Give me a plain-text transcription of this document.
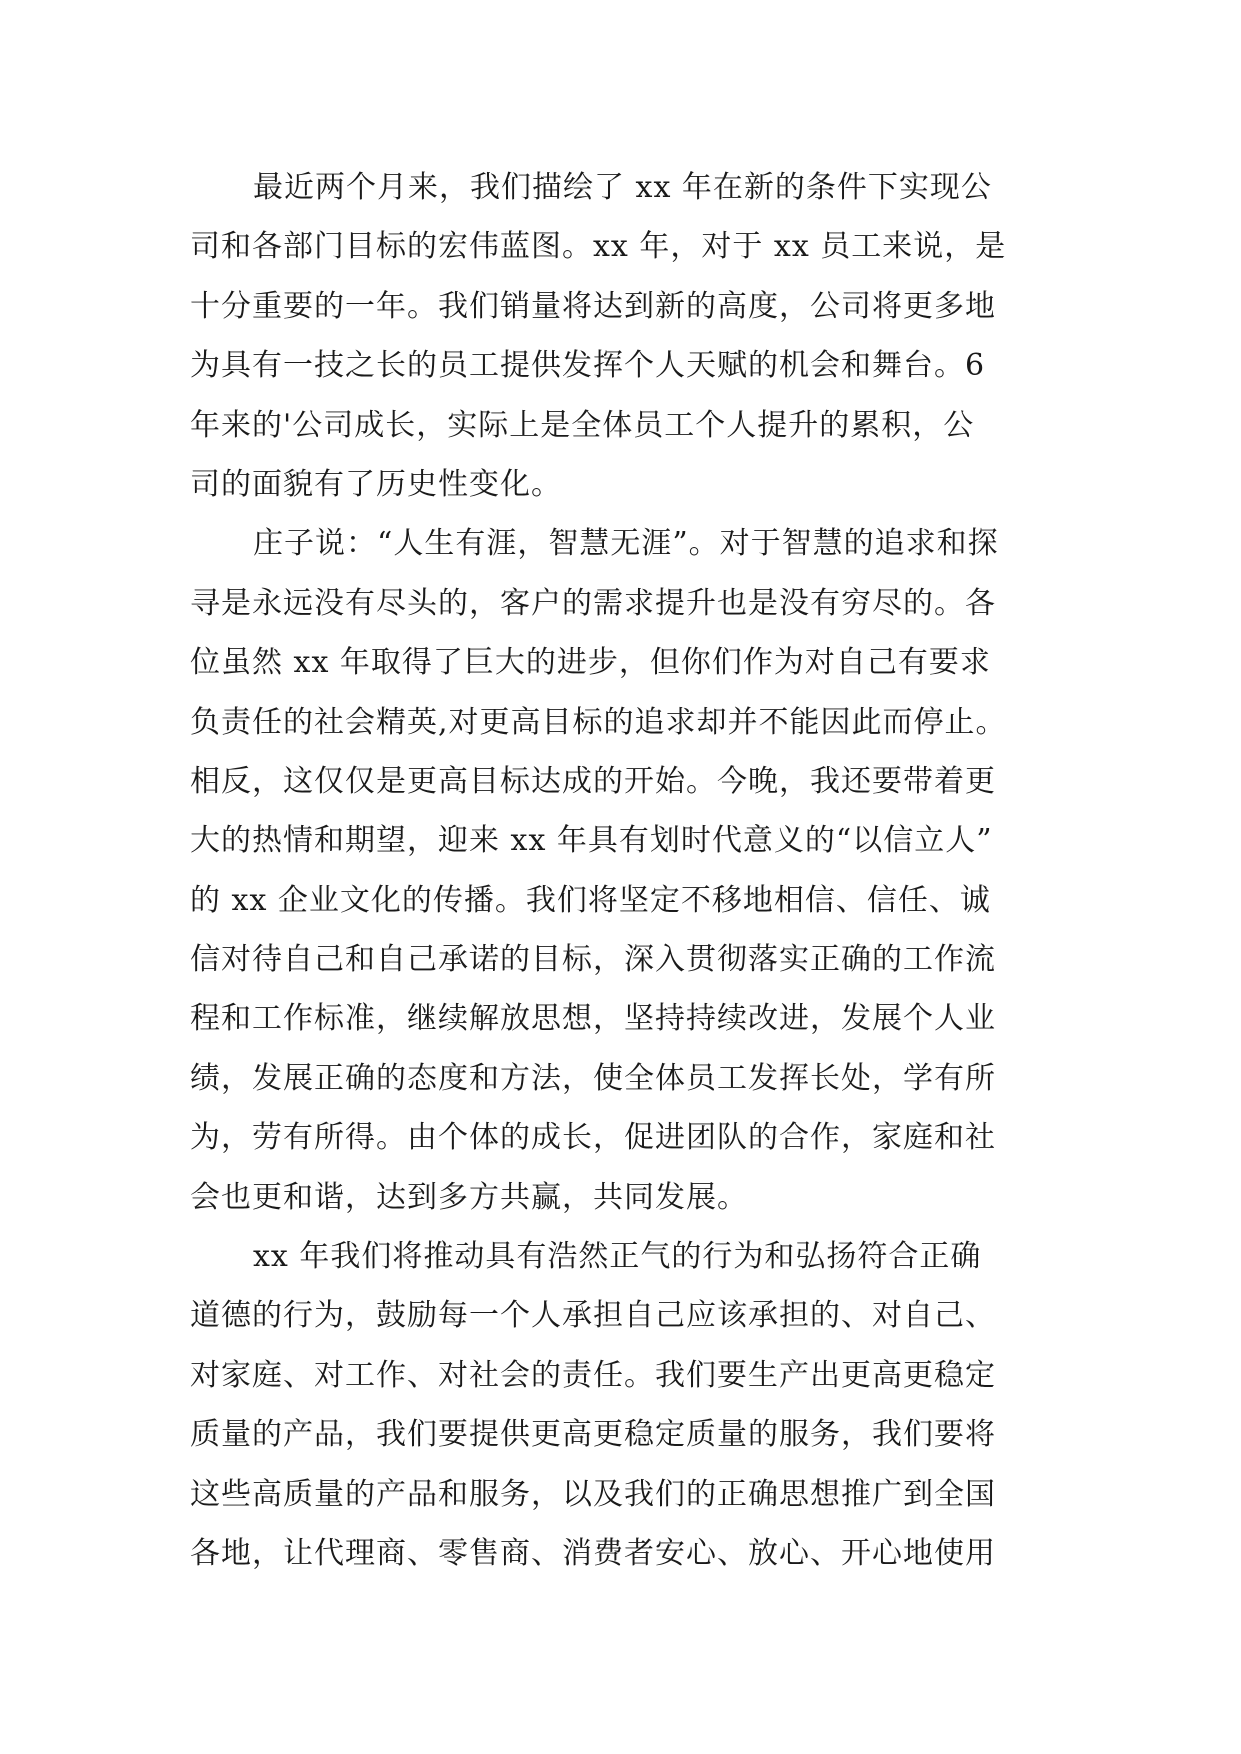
最近两个月来，我们描绘了 xx 年在新的条件下实现公
司和各部门目标的宏伟蓝图。xx 年，对于 xx 员工来说，是
十分重要的一年。我们销量将达到新的高度，公司将更多地
为具有一技之长的员工提供发挥个人天赋的机会和舞台。6
年来的'公司成长，实际上是全体员工个人提升的累积，公
司的面貌有了历史性变化。
庄子说：“人生有涯，智慧无涯”。对于智慧的追求和探
寻是永远没有尽头的，客户的需求提升也是没有穷尽的。各
位虽然 xx 年取得了巨大的进步，但你们作为对自己有要求
负责任的社会精英,对更高目标的追求却并不能因此而停止。
相反，这仅仅是更高目标达成的开始。今晚，我还要带着更
大的热情和期望，迎来 xx 年具有划时代意义的“以信立人”
的 xx 企业文化的传播。我们将坚定不移地相信、信任、诚
信对待自己和自己承诺的目标，深入贯彻落实正确的工作流
程和工作标准，继续解放思想，坚持持续改进，发展个人业
绩，发展正确的态度和方法，使全体员工发挥长处，学有所
为，劳有所得。由个体的成长，促进团队的合作，家庭和社
会也更和谐，达到多方共赢，共同发展。
xx 年我们将推动具有浩然正气的行为和弘扬符合正确
道德的行为，鼓励每一个人承担自己应该承担的、对自己、
对家庭、对工作、对社会的责任。我们要生产出更高更稳定
质量的产品，我们要提供更高更稳定质量的服务，我们要将
这些高质量的产品和服务，以及我们的正确思想推广到全国
各地，让代理商、零售商、消费者安心、放心、开心地使用
